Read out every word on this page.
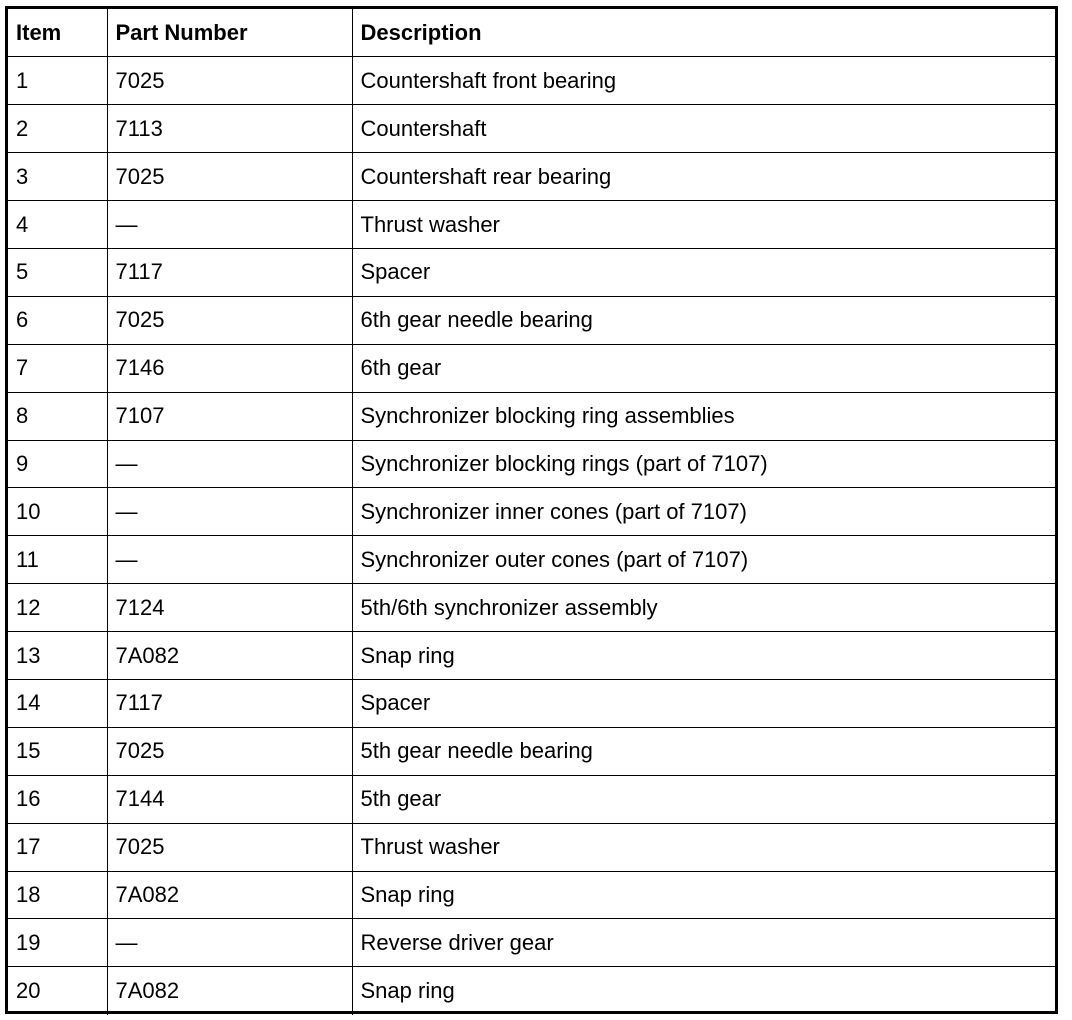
Item	Part Number	Description
1	7025	Countershaft front bearing
2	7113	Countershaft
3	7025	Countershaft rear bearing
4	—	Thrust washer
5	7117	Spacer
6	7025	6th gear needle bearing
7	7146	6th gear
8	7107	Synchronizer blocking ring assemblies
9	—	Synchronizer blocking rings (part of 7107)
10	—	Synchronizer inner cones (part of 7107)
11	—	Synchronizer outer cones (part of 7107)
12	7124	5th/6th synchronizer assembly
13	7A082	Snap ring
14	7117	Spacer
15	7025	5th gear needle bearing
16	7144	5th gear
17	7025	Thrust washer
18	7A082	Snap ring
19	—	Reverse driver gear
20	7A082	Snap ring
